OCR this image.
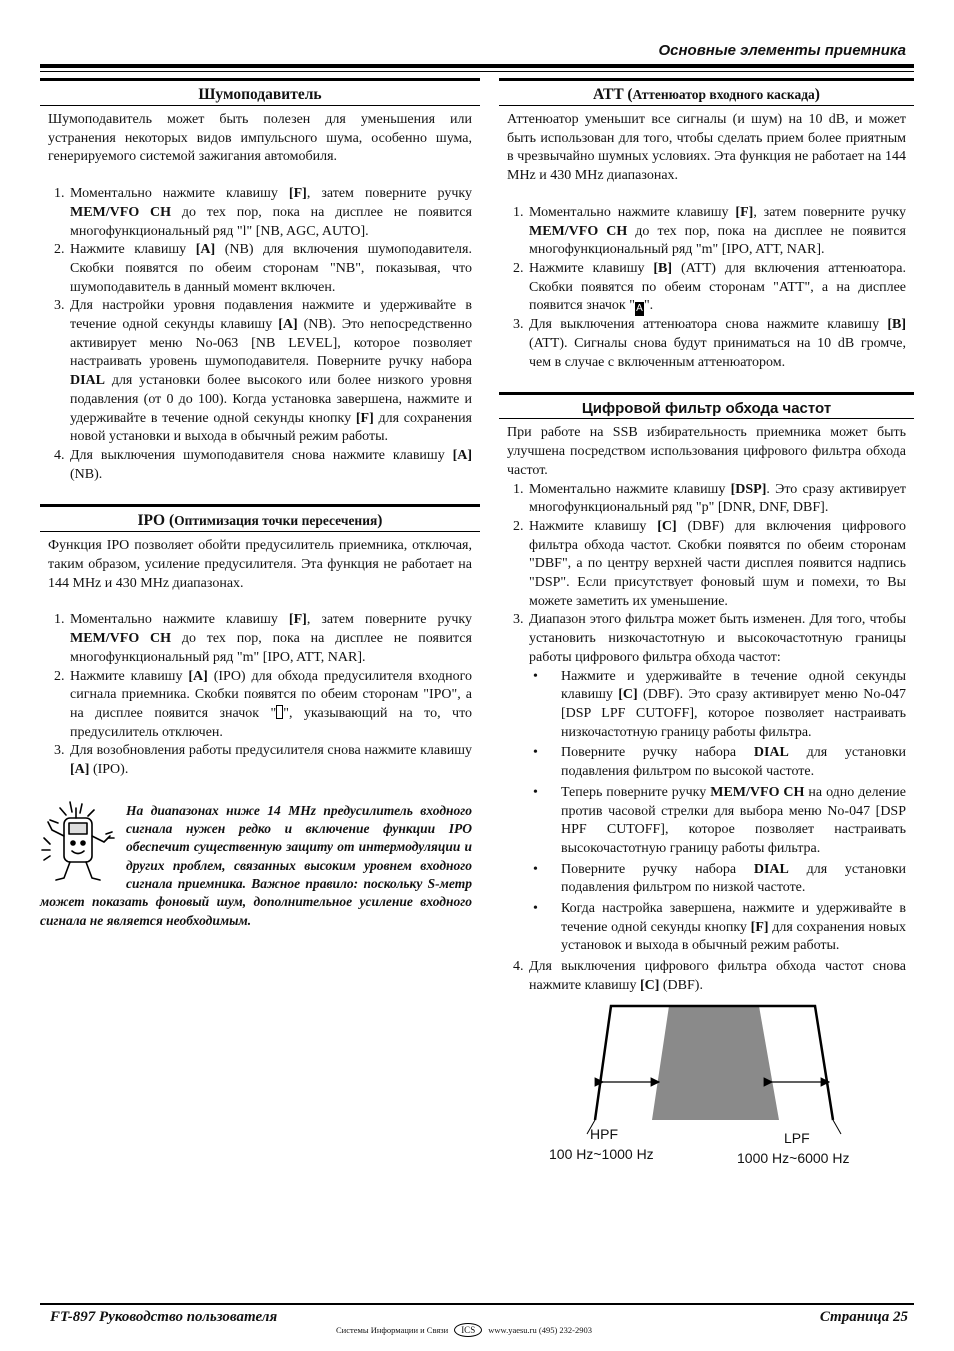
Основные элементы приемника
Шумоподавитель

Шумоподавитель может быть полезен для уменьшения или устранения некоторых видов импульсного шума, особенно шума, генерируемого системой зажигания автомобиля.

1. Моментально нажмите клавишу [F], затем поверните ручку MEM/VFO CH до тех пор, пока на дисплее не появится многофункциональный ряд "l" [NB, AGC, AUTO].
2. Нажмите клавишу [A] (NB) для включения шумоподавителя. Скобки появятся по обеим сторонам "NB", показывая, что шумоподавитель в данный момент включен.
3. Для настройки уровня подавления нажмите и удерживайте в течение одной секунды клавишу [A] (NB). Это непосредственно активирует меню No-063 [NB LEVEL], которое позволяет настраивать уровень шумоподавителя. Поверните ручку набора DIAL для установки более высокого или более низкого уровня подавления (от 0 до 100). Когда установка завершена, нажмите и удерживайте в течение одной секунды кнопку [F] для сохранения новой установки и выхода в обычный режим работы.
4. Для выключения шумоподавителя снова нажмите клавишу [A] (NB).
IPO (Оптимизация точки пересечения)

Функция IPO позволяет обойти предусилитель приемника, отключая, таким образом, усиление предусилителя. Эта функция не работает на 144 MHz и 430 MHz диапазонах.

1. Моментально нажмите клавишу [F], затем поверните ручку MEM/VFO CH до тех пор, пока на дисплее не появится многофункциональный ряд "m" [IPO, ATT, NAR].
2. Нажмите клавишу [A] (IPO) для обхода предусилителя входного сигнала приемника. Скобки появятся по обеим сторонам "IPO", а на дисплее появится значок " ", указывающий на то, что предусилитель отключен.
3. Для возобновления работы предусилителя снова нажмите клавишу [A] (IPO).

На диапазонах ниже 14 MHz предусилитель входного сигнала нужен редко и включение функции IPO обеспечит существенную защиту от интермодуляции и других проблем, связанных высоким уровнем входного сигнала приемника. Важное правило: поскольку S-метр может показать фоновый шум, дополнительное усиление входного сигнала не является необходимым.

ATT (Аттенюатор входного каскада)

Аттенюатор уменьшит все сигналы (и шум) на 10 dB, и может быть использован для того, чтобы сделать прием более приятным в чрезвычайно шумных условиях. Эта функция не работает на 144 MHz и 430 MHz диапазонах.

1. Моментально нажмите клавишу [F], затем поверните ручку MEM/VFO CH до тех пор, пока на дисплее не появится многофункциональный ряд "m" [IPO, ATT, NAR].
2. Нажмите клавишу [B] (ATT) для включения аттенюатора. Скобки появятся по обеим сторонам "ATT", а на дисплее появится значок "A".
3. Для выключения аттенюатора снова нажмите клавишу [B] (ATT). Сигналы снова будут приниматься на 10 dB громче, чем в случае с включенным аттенюатором.
Цифровой фильтр обхода частот

При работе на SSB избирательность приемника может быть улучшена посредством использования цифрового фильтра обхода частот.

1. Моментально нажмите клавишу [DSP]. Это сразу активирует многофункциональный ряд "p" [DNR, DNF, DBF].
2. Нажмите клавишу [C] (DBF) для включения цифрового фильтра обхода частот. Скобки появятся по обеим сторонам "DBF", а по центру верхней части дисплея появится надпись "DSP". Если присутствует фоновый шум и помехи, то Вы можете заметить их уменьшение.
3. Диапазон этого фильтра может быть изменен. Для того, чтобы установить низкочастотную и высокочастотную границы работы цифрового фильтра обхода частот:
• Нажмите и удерживайте в течение одной секунды клавишу [C] (DBF). Это сразу активирует меню No-047 [DSP LPF CUTOFF], которое позволяет настраивать низкочастотную границу работы фильтра.
• Поверните ручку набора DIAL для установки подавления фильтром по высокой частоте.
• Теперь поверните ручку MEM/VFO CH на одно деление против часовой стрелки для выбора меню No-047 [DSP HPF CUTOFF], которое позволяет настраивать высокочастотную границу работы фильтра.
• Поверните ручку набора DIAL для установки подавления фильтром по низкой частоте.
• Когда настройка завершена, нажмите и удерживайте в течение одной секунды кнопку [F] для сохранения новых установок и выхода в обычный режим работы.
4. Для выключения цифрового фильтра обхода частот снова нажмите клавишу [C] (DBF).
HPF
100 Hz~1000 Hz
LPF
1000 Hz~6000 Hz
FT-897 Руководство пользователя	Страница 25
Системы Информации и Связи	ICS	www.yaesu.ru (495) 232-2903
